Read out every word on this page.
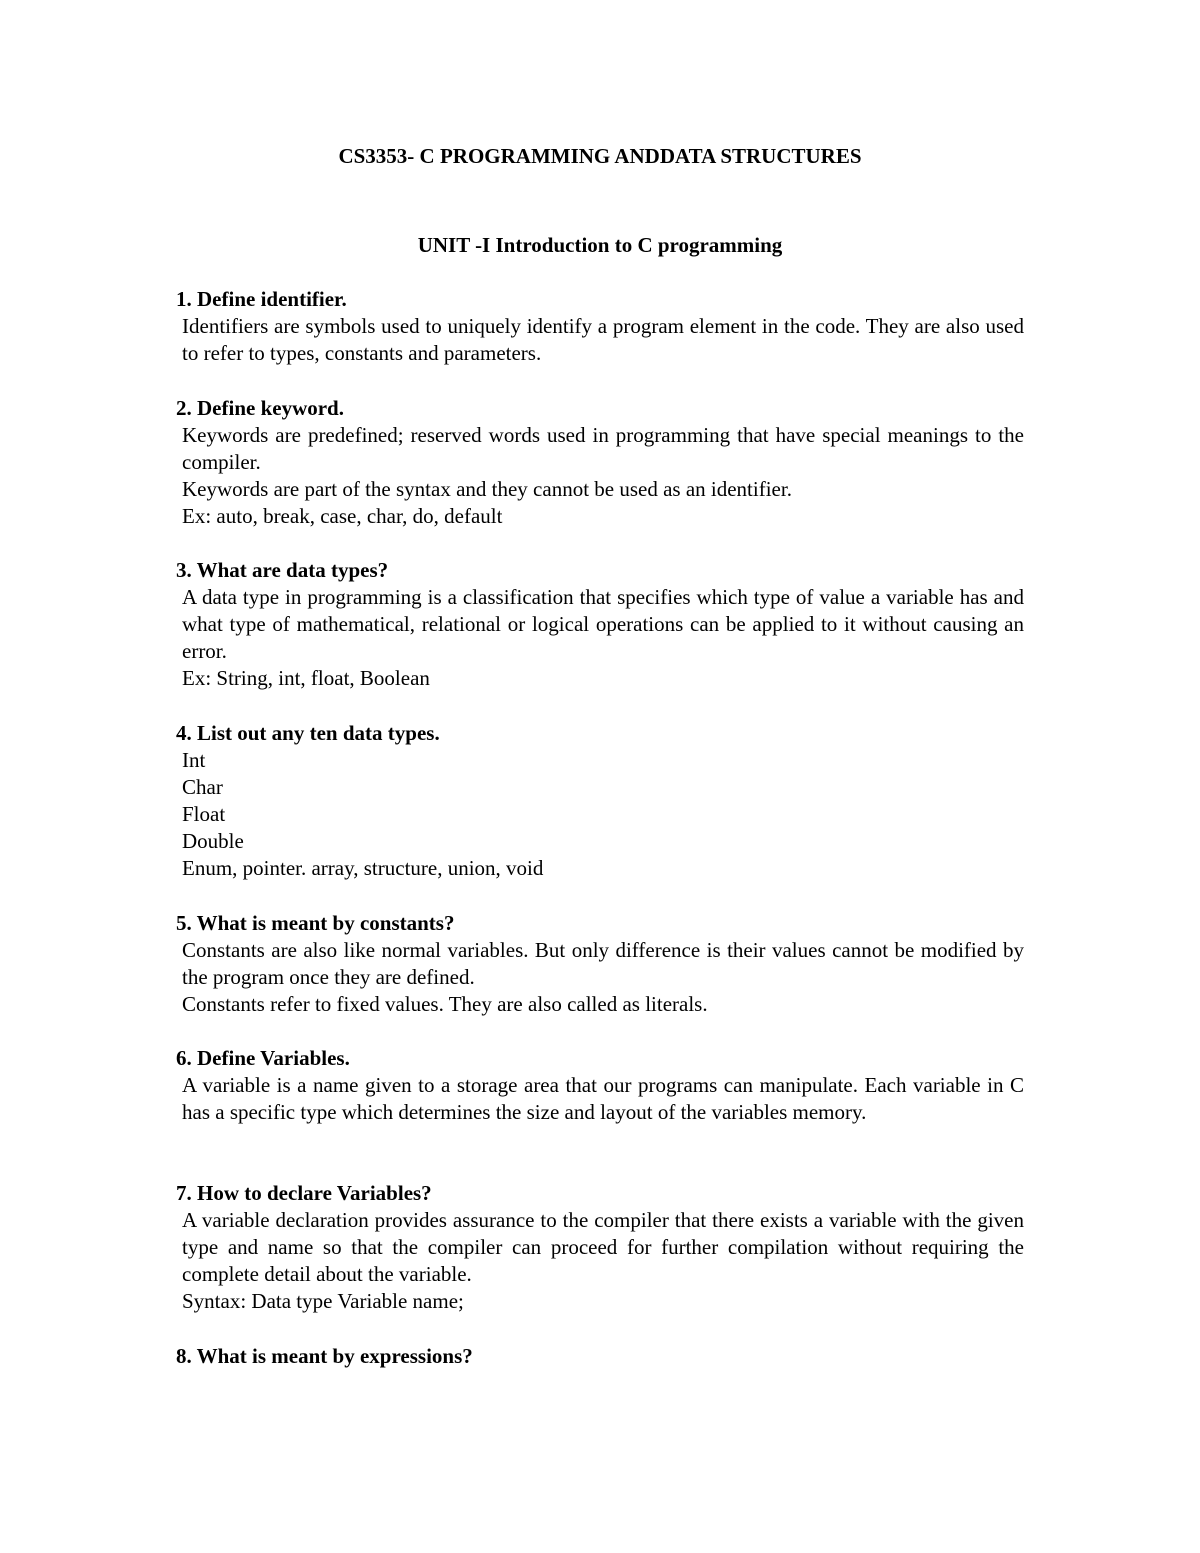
CS3353- C PROGRAMMING ANDDATA STRUCTURES
UNIT -I Introduction to C programming

1. Define identifier.

Identifiers are symbols used to uniquely identify a program element in the code. They are also used to refer to types, constants and parameters.

2. Define keyword.

Keywords are predefined; reserved words used in programming that have special meanings to the compiler.

Keywords are part of the syntax and they cannot be used as an identifier.

Ex: auto, break, case, char, do, default

3. What are data types?

A data type in programming is a classification that specifies which type of value a variable has and what type of mathematical, relational or logical operations can be applied to it without causing an error.

Ex: String, int, float, Boolean

4. List out any ten data types.

Int

Char

Float

Double

Enum, pointer. array, structure, union, void

5. What is meant by constants?

Constants are also like normal variables. But only difference is their values cannot be modified by the program once they are defined.

Constants refer to fixed values. They are also called as literals.

6. Define Variables.

A variable is a name given to a storage area that our programs can manipulate. Each variable in C has a specific type which determines the size and layout of the variables memory.

7. How to declare Variables?

A variable declaration provides assurance to the compiler that there exists a variable with the given type and name so that the compiler can proceed for further compilation without requiring the complete detail about the variable.

Syntax: Data type Variable name;

8. What is meant by expressions?
